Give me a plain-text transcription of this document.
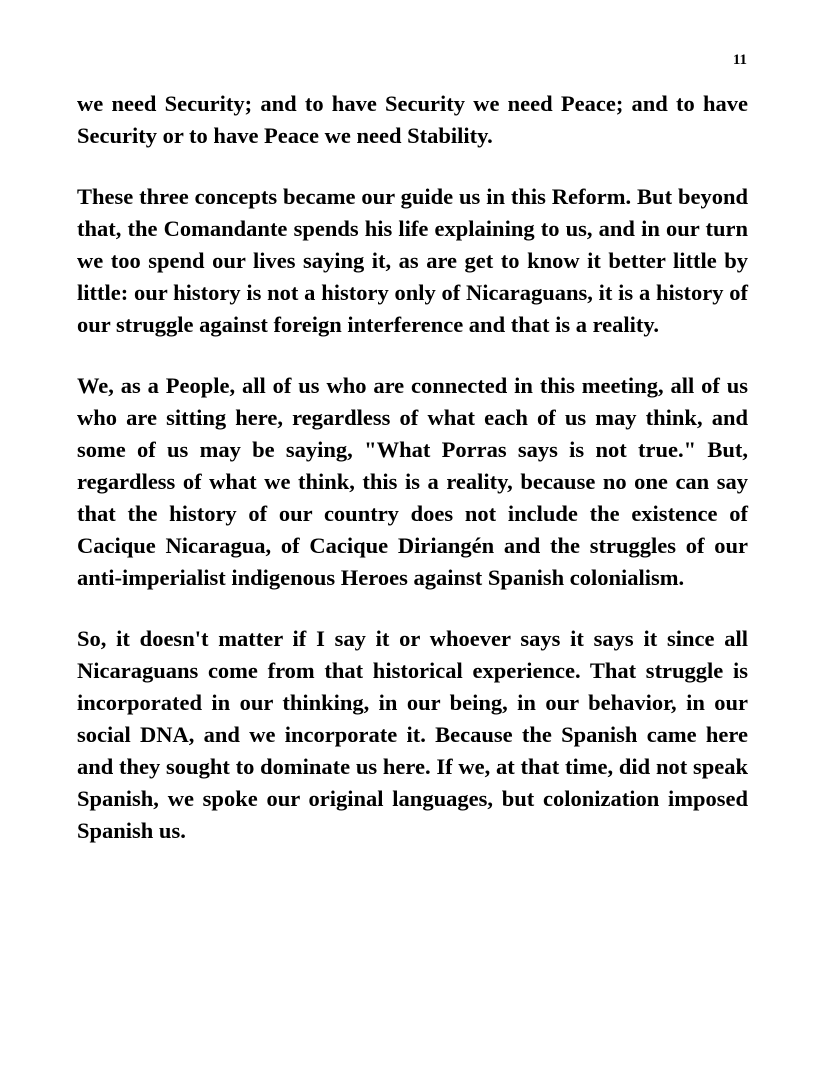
11

we need Security; and to have Security we need Peace; and to have Security or to have Peace we need Stability.

These three concepts became our guide us in this Reform. But beyond that, the Comandante spends his life explaining to us, and in our turn we too spend our lives saying it, as are get to know it better little by little: our history is not a history only of Nicaraguans, it is a history of our struggle against foreign interference and that is a reality.

We, as a People, all of us who are connected in this meeting, all of us who are sitting here, regardless of what each of us may think, and some of us may be saying, "What Porras says is not true." But, regardless of what we think, this is a reality, because no one can say that the history of our country does not include the existence of Cacique Nicaragua, of Cacique Diriangén and the struggles of our anti-imperialist indigenous Heroes against Spanish colonialism.

So, it doesn't matter if I say it or whoever says it says it since all Nicaraguans come from that historical experience. That struggle is incorporated in our thinking, in our being, in our behavior, in our social DNA, and we incorporate it. Because the Spanish came here and they sought to dominate us here. If we, at that time, did not speak Spanish, we spoke our original languages, but colonization imposed Spanish us.
